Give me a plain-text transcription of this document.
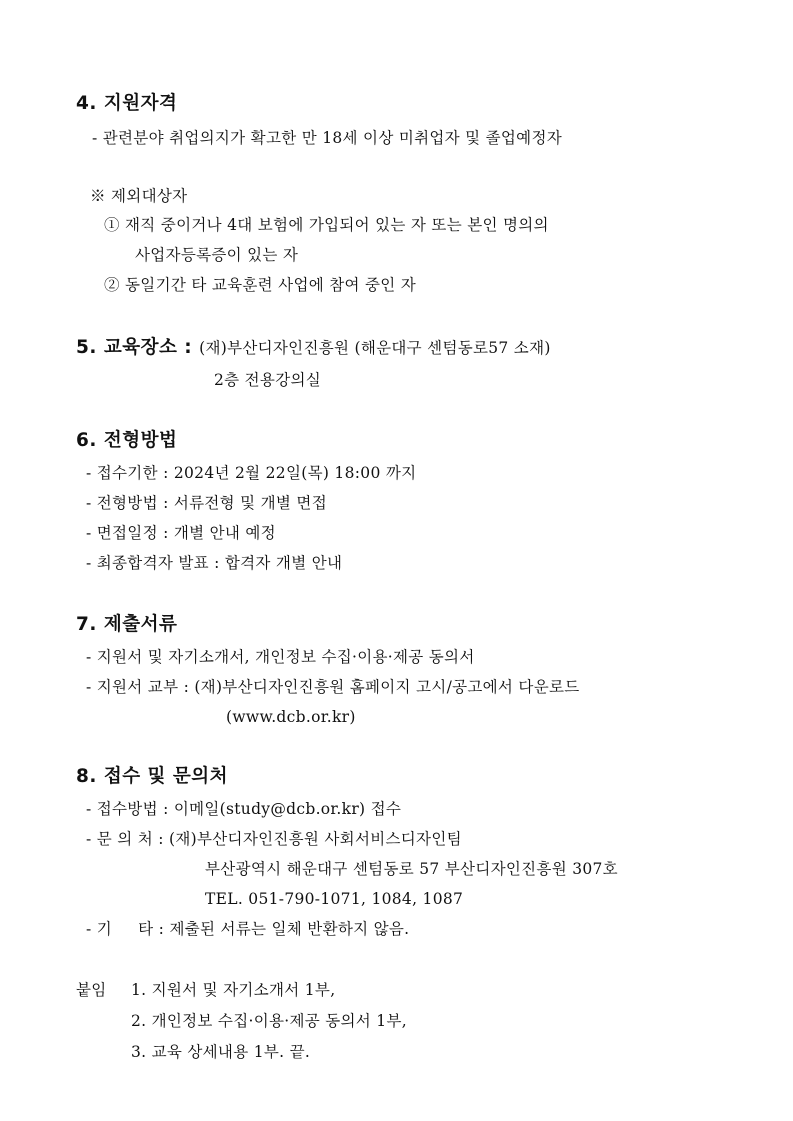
4. 지원자격
- 관련분야 취업의지가 확고한 만 18세 이상 미취업자 및 졸업예정자
※ 제외대상자
① 재직 중이거나 4대 보험에 가입되어 있는 자 또는 본인 명의의
사업자등록증이 있는 자
② 동일기간 타 교육훈련 사업에 참여 중인 자
5. 교육장소 : (재)부산디자인진흥원 (해운대구 센텀동로57 소재)
2층 전용강의실
6. 전형방법
- 접수기한 : 2024년 2월 22일(목) 18:00 까지
- 전형방법 : 서류전형 및 개별 면접
- 면접일정 : 개별 안내 예정
- 최종합격자 발표 : 합격자 개별 안내
7. 제출서류
- 지원서 및 자기소개서, 개인정보 수집·이용·제공 동의서
- 지원서 교부 : (재)부산디자인진흥원 홈페이지 고시/공고에서 다운로드
(www.dcb.or.kr)
8. 접수 및 문의처
- 접수방법 : 이메일(study@dcb.or.kr) 접수
- 문 의 처 : (재)부산디자인진흥원 사회서비스디자인팀
부산광역시 해운대구 센텀동로 57 부산디자인진흥원 307호
TEL. 051-790-1071, 1084, 1087
- 기     타 : 제출된 서류는 일체 반환하지 않음.
붙임 1. 지원서 및 자기소개서 1부,
2. 개인정보 수집·이용·제공 동의서 1부,
3. 교육 상세내용 1부. 끝.
